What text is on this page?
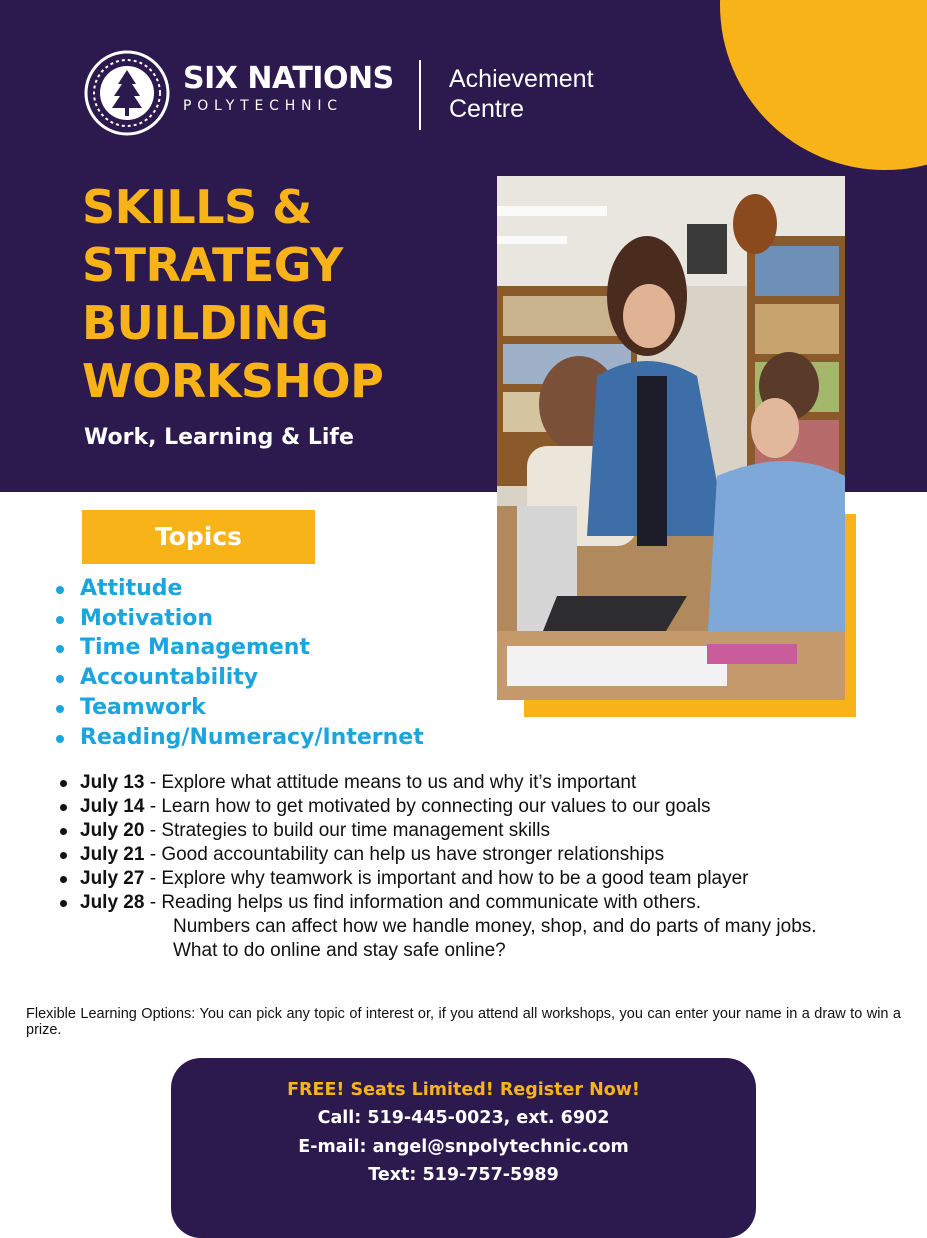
SIX NATIONS
POLYTECHNIC
Achievement
Centre
SKILLS &
STRATEGY
BUILDING
WORKSHOP
Work, Learning & Life
Topics
Attitude
Motivation
Time Management
Accountability
Teamwork
Reading/Numeracy/Internet
July 13 - Explore what attitude means to us and why it’s important
July 14 - Learn how to get motivated by connecting our values to our goals
July 20 - Strategies to build our time management skills
July 21 - Good accountability can help us have stronger relationships
July 27 - Explore why teamwork is important and how to be a good team player
July 28 - Reading helps us find information and communicate with others.
Numbers can affect how we handle money, shop, and do parts of many jobs.
What to do online and stay safe online?
Flexible Learning Options: You can pick any topic of interest or, if you attend all workshops, you can enter your name in a draw to win a prize.
FREE! Seats Limited! Register Now!
Call: 519-445-0023, ext. 6902
E-mail: angel@snpolytechnic.com
Text: 519-757-5989
